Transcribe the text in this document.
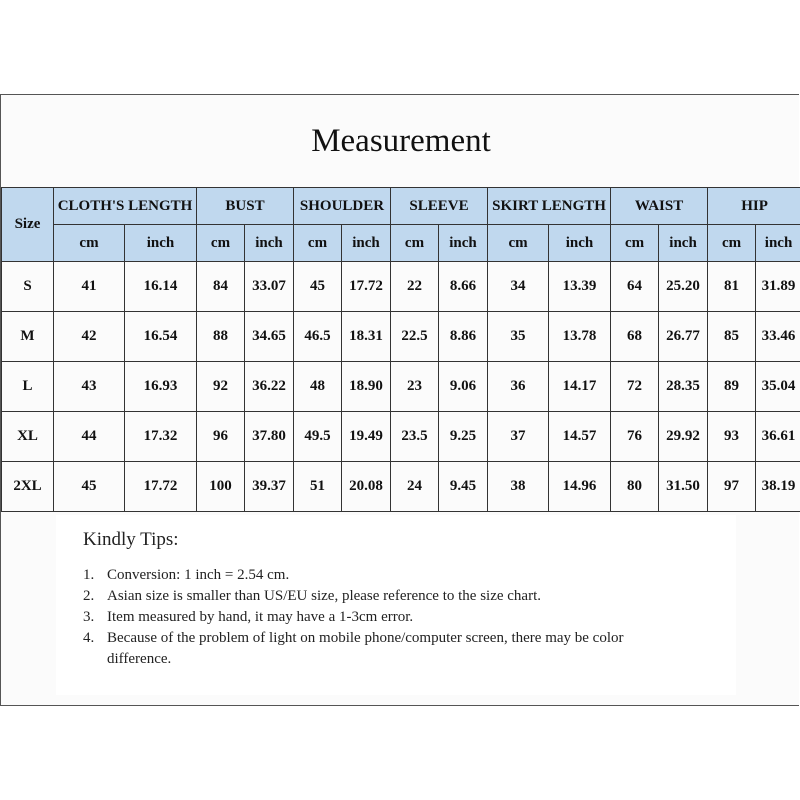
Measurement
Size	CLOTH'S LENGTH		BUST		SHOULDER		SLEEVE		SKIRT LENGTH		WAIST		HIP	
	cm	inch	cm	inch	cm	inch	cm	inch	cm	inch	cm	inch	cm	inch
S	41	16.14	84	33.07	45	17.72	22	8.66	34	13.39	64	25.20	81	31.89
M	42	16.54	88	34.65	46.5	18.31	22.5	8.86	35	13.78	68	26.77	85	33.46
L	43	16.93	92	36.22	48	18.90	23	9.06	36	14.17	72	28.35	89	35.04
XL	44	17.32	96	37.80	49.5	19.49	23.5	9.25	37	14.57	76	29.92	93	36.61
2XL	45	17.72	100	39.37	51	20.08	24	9.45	38	14.96	80	31.50	97	38.19
Kindly Tips:
1. Conversion: 1 inch = 2.54 cm.
2. Asian size is smaller than US/EU size, please reference to the size chart.
3. Item measured by hand, it may have a 1-3cm error.
4. Because of the problem of light on mobile phone/computer screen, there may be color difference.
